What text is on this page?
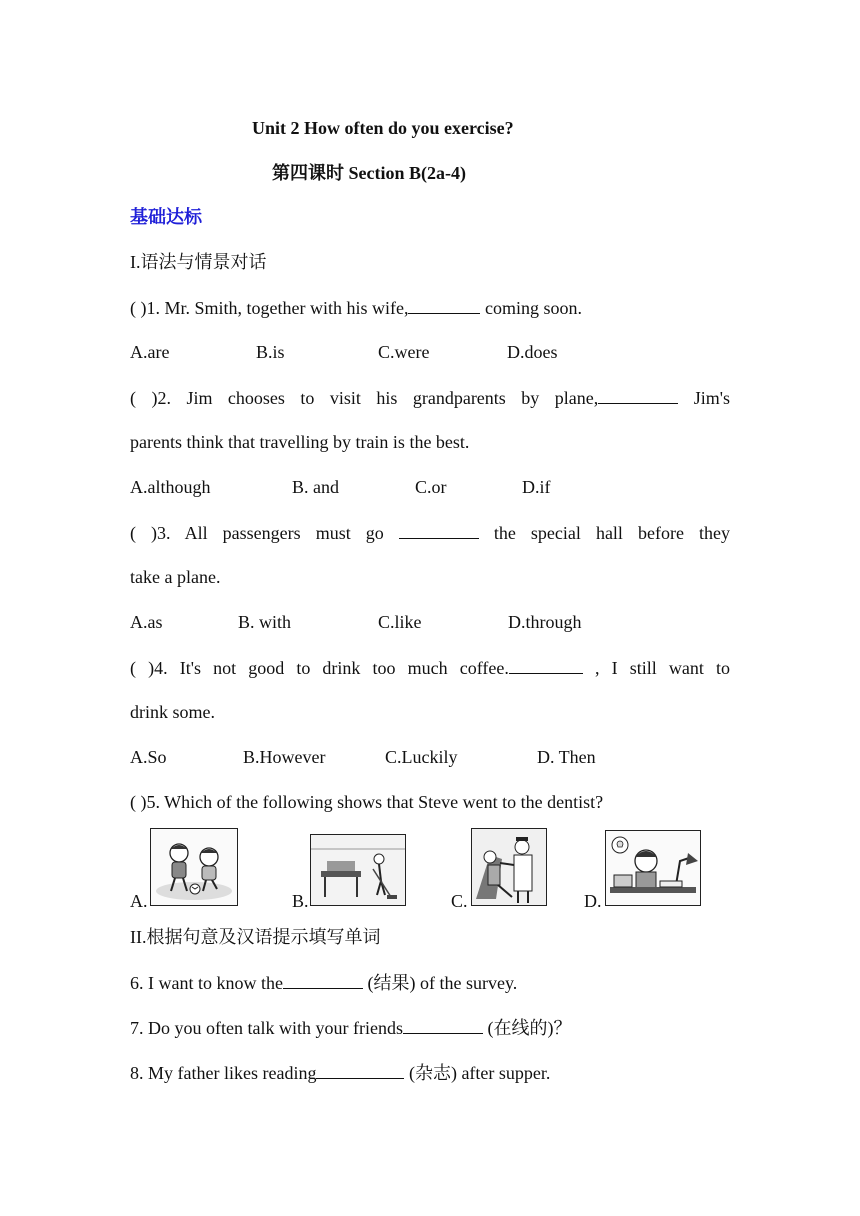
Unit 2 How often do you exercise?
第四课时 Section B(2a-4)
基础达标
I.语法与情景对话
( )1. Mr. Smith, together with his wife,	coming soon.
A.are	B.is	C.were	D.does
( )2. Jim chooses to visit his grandparents by plane,	Jim's
parents think that travelling by train is the best.
A.although	B. and	C.or	D.if
( )3. All passengers must go	the special hall before they
take a plane.
A.as	B. with	C.like	D.through
( )4. It's not good to drink too much coffee.	, I still want to
drink some.
A.So	B.However	C.Luckily	D. Then
( )5. Which of the following shows that Steve went to the dentist?
A.	B.	C.	D.
II.根据句意及汉语提示填写单词
6. I want to know the	(结果) of the survey.
7. Do you often talk with your friends	(在线的)？
8. My father likes reading	(杂志) after supper.
